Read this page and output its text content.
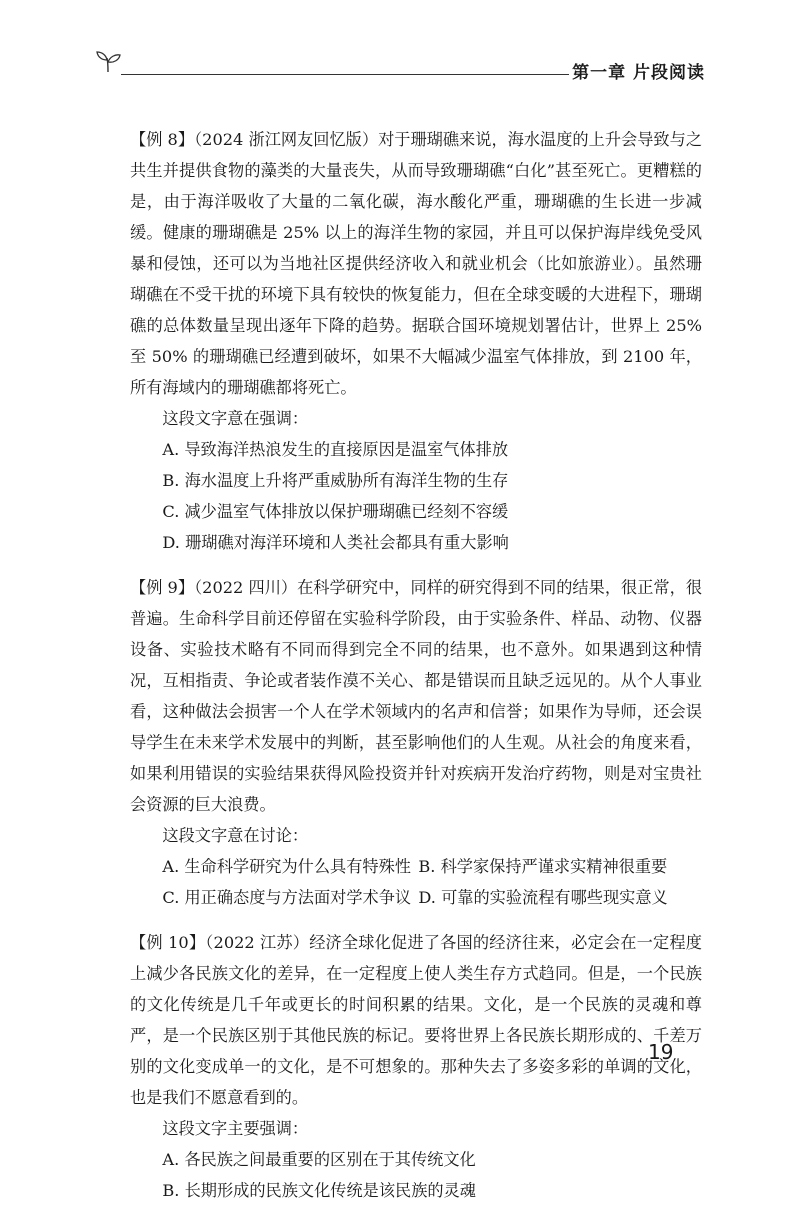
第一章 片段阅读

【例 8】（2024 浙江网友回忆版）对于珊瑚礁来说，海水温度的上升会导致与之共生并提供食物的藻类的大量丧失，从而导致珊瑚礁“白化”甚至死亡。更糟糕的是，由于海洋吸收了大量的二氧化碳，海水酸化严重，珊瑚礁的生长进一步减缓。健康的珊瑚礁是 25% 以上的海洋生物的家园，并且可以保护海岸线免受风暴和侵蚀，还可以为当地社区提供经济收入和就业机会（比如旅游业）。虽然珊瑚礁在不受干扰的环境下具有较快的恢复能力，但在全球变暖的大进程下，珊瑚礁的总体数量呈现出逐年下降的趋势。据联合国环境规划署估计，世界上 25% 至 50% 的珊瑚礁已经遭到破坏，如果不大幅减少温室气体排放，到 2100 年，所有海域内的珊瑚礁都将死亡。

这段文字意在强调：
A. 导致海洋热浪发生的直接原因是温室气体排放
B. 海水温度上升将严重威胁所有海洋生物的生存
C. 减少温室气体排放以保护珊瑚礁已经刻不容缓
D. 珊瑚礁对海洋环境和人类社会都具有重大影响

【例 9】（2022 四川）在科学研究中，同样的研究得到不同的结果，很正常，很普遍。生命科学目前还停留在实验科学阶段，由于实验条件、样品、动物、仪器设备、实验技术略有不同而得到完全不同的结果，也不意外。如果遇到这种情况，互相指责、争论或者装作漠不关心、都是错误而且缺乏远见的。从个人事业看，这种做法会损害一个人在学术领域内的名声和信誉；如果作为导师，还会误导学生在未来学术发展中的判断，甚至影响他们的人生观。从社会的角度来看，如果利用错误的实验结果获得风险投资并针对疾病开发治疗药物，则是对宝贵社会资源的巨大浪费。

这段文字意在讨论：
A. 生命科学研究为什么具有特殊性 B. 科学家保持严谨求实精神很重要
C. 用正确态度与方法面对学术争议 D. 可靠的实验流程有哪些现实意义

【例 10】（2022 江苏）经济全球化促进了各国的经济往来，必定会在一定程度上减少各民族文化的差异，在一定程度上使人类生存方式趋同。但是，一个民族的文化传统是几千年或更长的时间积累的结果。文化，是一个民族的灵魂和尊严，是一个民族区别于其他民族的标记。要将世界上各民族长期形成的、千差万别的文化变成单一的文化，是不可想象的。那种失去了多姿多彩的单调的文化，也是我们不愿意看到的。

这段文字主要强调：
A. 各民族之间最重要的区别在于其传统文化
B. 长期形成的民族文化传统是该民族的灵魂
19
